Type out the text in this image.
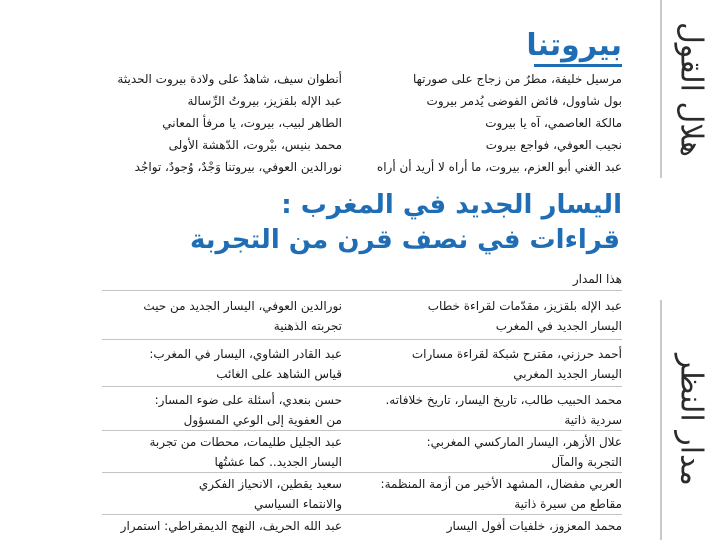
هلال القول
مدار النظر
بيروتنا
مرسيل خليفة، مطرٌ من زجاج على صورتها
بول شاوول، فائض الفوضى يُدمر بيروت
مالكة العاصمي، آه يا بيروت
نجيب العوفي، فواجع بيروت
عبد الغني أبو العزم، بيروت، ما أراه لا أريد أن أراه
أنطوان سيف، شاهدٌ على ولادة بيروت الحديثة
عبد الإله بلقزيز، بيروتُ الرِّسالة
الطاهر لبيب، بيروت، يا مرفأ المعاني
محمد بنيس، بيْروت، الدّهشة الأولى
نورالدين العوفي، بيروتنا وَجْدٌ، وُجودٌ، تواجُد
اليسار الجديد في المغرب :
قراءات في نصف قرن من التجربة
هذا المدار
عبد الإله بلقزيز، مقدّمات لقراءة خطاب
اليسار الجديد في المغرب
نورالدين العوفي، اليسار الجديد من حيث
تجربته الذهنية
أحمد حرزني، مقترح شبكة لقراءة مسارات
اليسار الجديد المغربي
عبد القادر الشاوي، اليسار في المغرب:
قياس الشاهد على الغائب
محمد الحبيب طالب، تاريخ اليسار، تاريخ خلافاته.
سردية ذاتية
حسن بنعدي، أسئلة على ضوء المسار:
من العفوية إلى الوعي المسؤول
علال الأزهر، اليسار الماركسي المغربي:
التجربة والمآل
عبد الجليل طليمات، محطات من تجربة
اليسار الجديد.. كما عشتُها
العربي مفضال، المشهد الأخير من أزمة المنظمة:
مقاطع من سيرة ذاتية
سعيد يقطين، الانحياز الفكري
والانتماء السياسي
محمد المعزوز، خلفيات أفول اليسار
عبد الله الحريف، النهج الديمقراطي: استمرار
